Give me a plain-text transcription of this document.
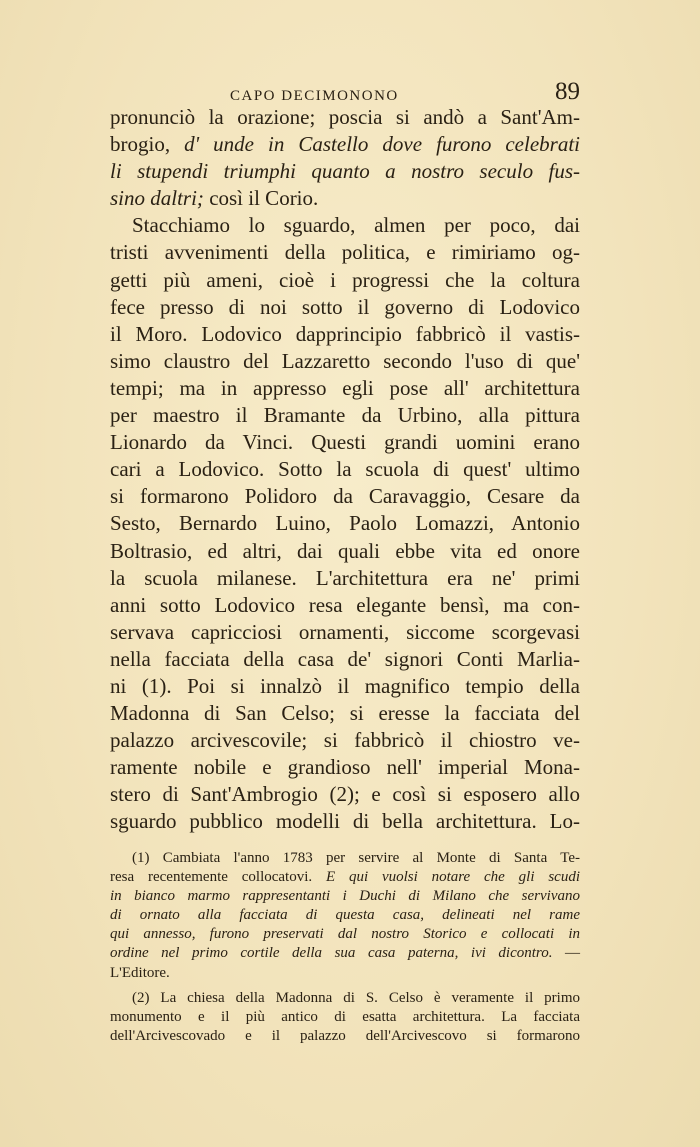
CAPO DECIMONONO	89
pronunciò la orazione; poscia si andò a Sant'Am-
brogio, d' unde in Castello dove furono celebrati
li stupendi triumphi quanto a nostro seculo fus-
sino daltri; così il Corio.
Stacchiamo lo sguardo, almen per poco, dai
tristi avvenimenti della politica, e rimiriamo og-
getti più ameni, cioè i progressi che la coltura
fece presso di noi sotto il governo di Lodovico
il Moro. Lodovico dapprincipio fabbricò il vastis-
simo claustro del Lazzaretto secondo l'uso di que'
tempi; ma in appresso egli pose all' architettura
per maestro il Bramante da Urbino, alla pittura
Lionardo da Vinci. Questi grandi uomini erano
cari a Lodovico. Sotto la scuola di quest' ultimo
si formarono Polidoro da Caravaggio, Cesare da
Sesto, Bernardo Luino, Paolo Lomazzi, Antonio
Boltrasio, ed altri, dai quali ebbe vita ed onore
la scuola milanese. L'architettura era ne' primi
anni sotto Lodovico resa elegante bensì, ma con-
servava capricciosi ornamenti, siccome scorgevasi
nella facciata della casa de' signori Conti Marlia-
ni (1). Poi si innalzò il magnifico tempio della
Madonna di San Celso; si eresse la facciata del
palazzo arcivescovile; si fabbricò il chiostro ve-
ramente nobile e grandioso nell' imperial Mona-
stero di Sant'Ambrogio (2); e così si esposero allo
sguardo pubblico modelli di bella architettura. Lo-
(1) Cambiata l'anno 1783 per servire al Monte di Santa Te-
resa recentemente collocatovi. E qui vuolsi notare che gli scudi
in bianco marmo rappresentanti i Duchi di Milano che servivano
di ornato alla facciata di questa casa, delineati nel rame
qui annesso, furono preservati dal nostro Storico e collocati in
ordine nel primo cortile della sua casa paterna, ivi dicontro. —
L'Editore.
(2) La chiesa della Madonna di S. Celso è veramente il primo
monumento e il più antico di esatta architettura. La facciata
dell'Arcivescovado e il palazzo dell'Arcivescovo si formarono
